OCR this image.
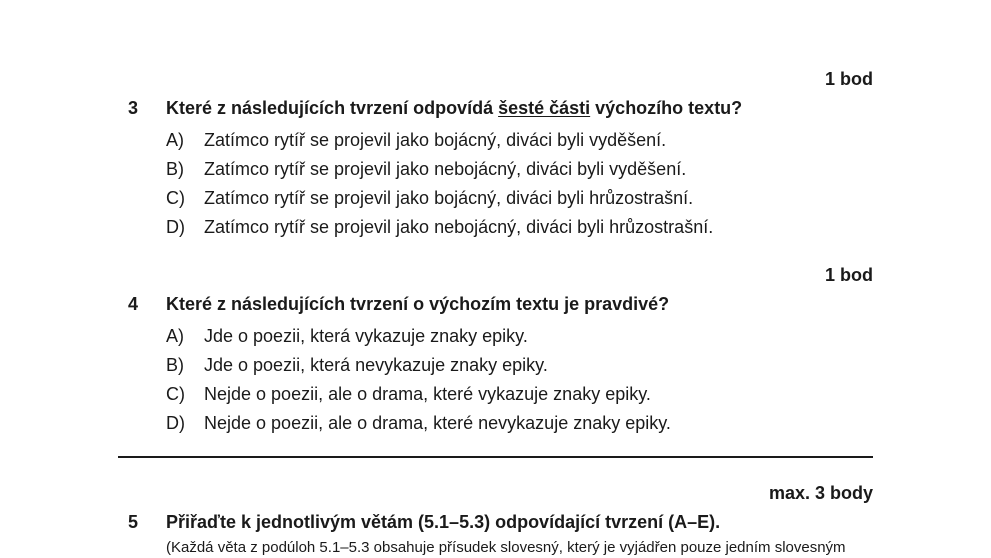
1 bod
3 Které z následujících tvrzení odpovídá šesté části výchozího textu?
A) Zatímco rytíř se projevil jako bojácný, diváci byli vyděšení.
B) Zatímco rytíř se projevil jako nebojácný, diváci byli vyděšení.
C) Zatímco rytíř se projevil jako bojácný, diváci byli hrůzostrašní.
D) Zatímco rytíř se projevil jako nebojácný, diváci byli hrůzostrašní.
1 bod
4 Které z následujících tvrzení o výchozím textu je pravdivé?
A) Jde o poezii, která vykazuje znaky epiky.
B) Jde o poezii, která nevykazuje znaky epiky.
C) Nejde o poezii, ale o drama, které vykazuje znaky epiky.
D) Nejde o poezii, ale o drama, které nevykazuje znaky epiky.
max. 3 body
5 Přiřaďte k jednotlivým větám (5.1–5.3) odpovídající tvrzení (A–E).
(Každá věta z podúloh 5.1–5.3 obsahuje přísudek slovesný, který je vyjádřen pouze jedním slovesným
